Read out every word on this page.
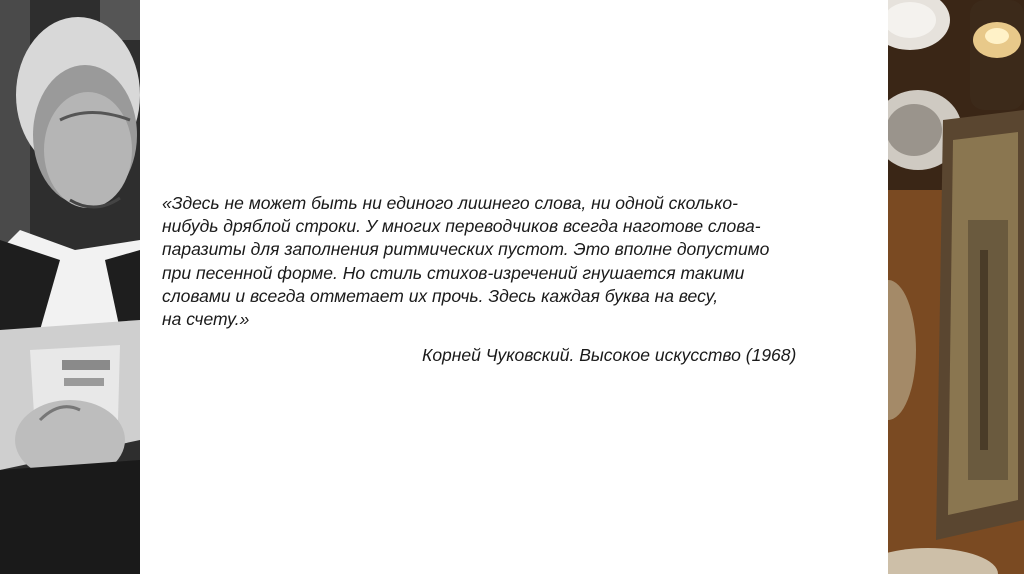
«Здесь не может быть ни единого лишнего слова, ни одной сколько-
нибудь дряблой строки. У многих переводчиков всегда наготове слова-
паразиты для заполнения ритмических пустот. Это вполне допустимо
при песенной форме. Но стиль стихов-изречений гнушается такими
словами и всегда отметает их прочь. Здесь каждая буква на весу,
на счету.»

Корней Чуковский. Высокое искусство (1968)
